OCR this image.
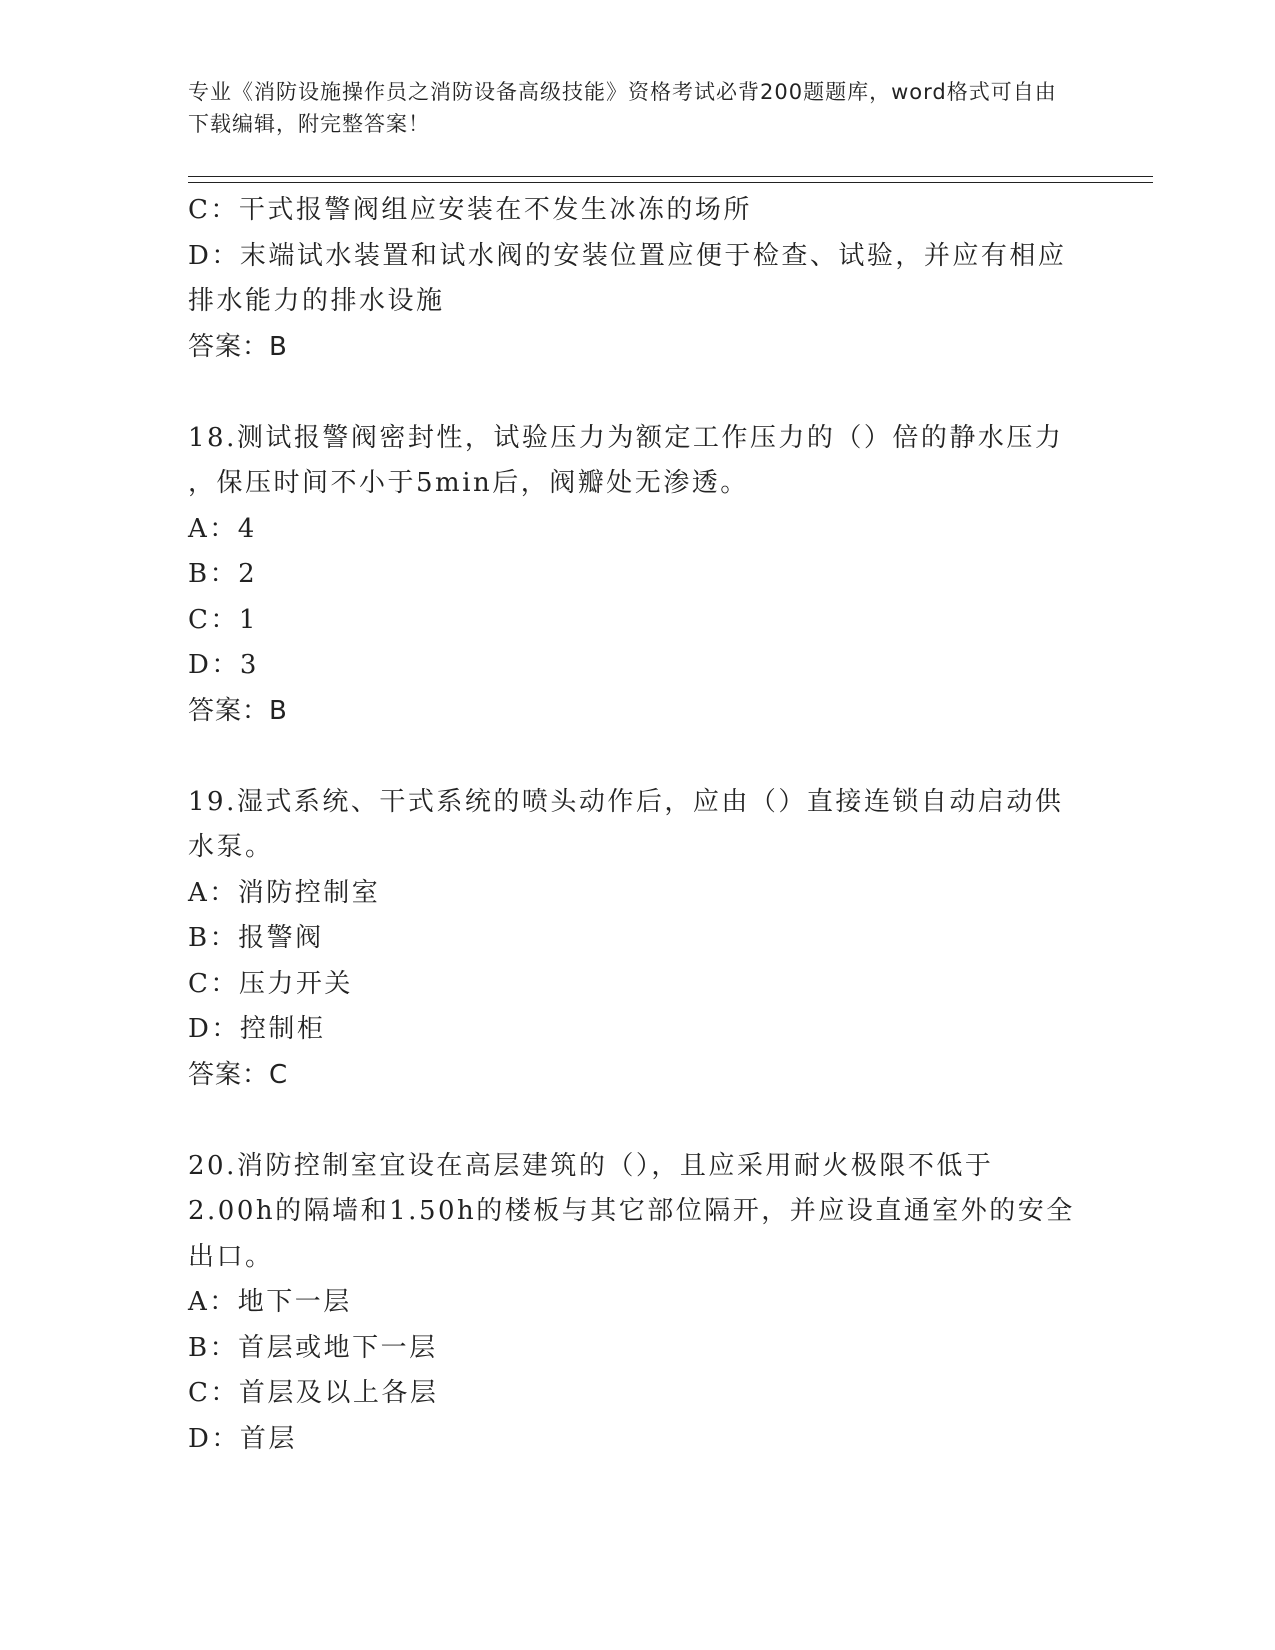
专业《消防设施操作员之消防设备高级技能》资格考试必背200题题库，word格式可自由下载编辑，附完整答案！
C：干式报警阀组应安装在不发生冰冻的场所
D：末端试水装置和试水阀的安装位置应便于检查、试验，并应有相应
排水能力的排水设施
答案：B
18.测试报警阀密封性，试验压力为额定工作压力的（）倍的静水压力
，保压时间不小于5min后，阀瓣处无渗透。
A：4
B：2
C：1
D：3
答案：B
19.湿式系统、干式系统的喷头动作后，应由（）直接连锁自动启动供
水泵。
A：消防控制室
B：报警阀
C：压力开关
D：控制柜
答案：C
20.消防控制室宜设在高层建筑的（），且应采用耐火极限不低于
2.00h的隔墙和1.50h的楼板与其它部位隔开，并应设直通室外的安全
出口。
A：地下一层
B：首层或地下一层
C：首层及以上各层
D：首层
